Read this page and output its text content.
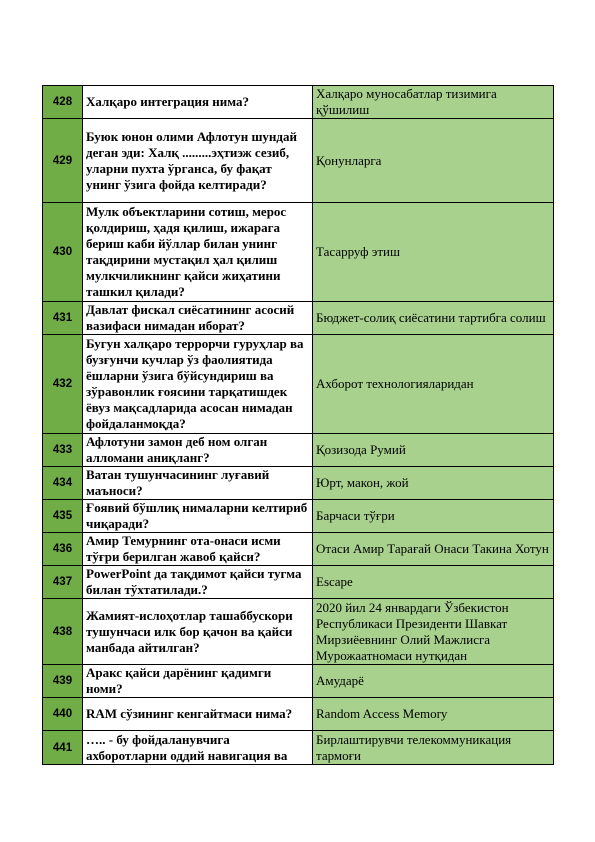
428	Халқаро интеграция нима?	Халқаро муносабатлар тизимига қўшилиш
429	Буюк юнон олими Афлотун шундай деган эди: Халқ .........эҳтиэж сезиб, уларни пухта ўрганса, бу фақат унинг ўзига фойда келтиради?	Қонунларга
430	Мулк объектларини сотиш, мерос қолдириш, ҳадя қилиш, ижарага бериш каби йўллар билан унинг тақдирини мустақил ҳал қилиш мулкчиликнинг қайси жиҳатини ташкил қилади?	Тасарруф этиш
431	Давлат фискал сиёсатининг асосий вазифаси нимадан иборат?	Бюджет-солиқ сиёсатини тартибга солиш
432	Бугун халқаро террорчи гуруҳлар ва бузғунчи кучлар ўз фаолиятида ёшларни ўзига бўйсундириш ва зўравонлик ғоясини тарқатишдек ёвуз мақсадларида асосан нимадан фойдаланмоқда?	Ахборот технологияларидан
433	Афлотуни замон деб ном олган алломани аниқланг?	Қозизода Румий
434	Ватан тушунчасининг луғавий маъноси?	Юрт, макон, жой
435	Ғоявий бўшлиқ нималарни келтириб чиқаради?	Барчаси тўғри
436	Амир Темурнинг ота-онаси исми тўғри берилган жавоб қайси?	Отаси Амир Тарағай Онаси Такина Хотун
437	PowerPoint да тақдимот қайси тугма билан тўхтатилади.?	Escape
438	Жамият-ислоҳотлар ташаббускори тушунчаси илк бор қачон ва қайси манбада айтилган?	2020 йил 24 январдаги Ўзбекистон Республикаси Президенти Шавкат Мирзиёевнинг Олий Мажлисга Мурожаатномаси нутқидан
439	Аракс қайси дарёнинг қадимги номи?	Амударё
440	RAM сўзининг кенгайтмаси нима?	Random Access Memory
441	….. - бу фойдаланувчига ахборотларни оддий навигация ва	Бирлаштирувчи телекоммуникация тармоғи
